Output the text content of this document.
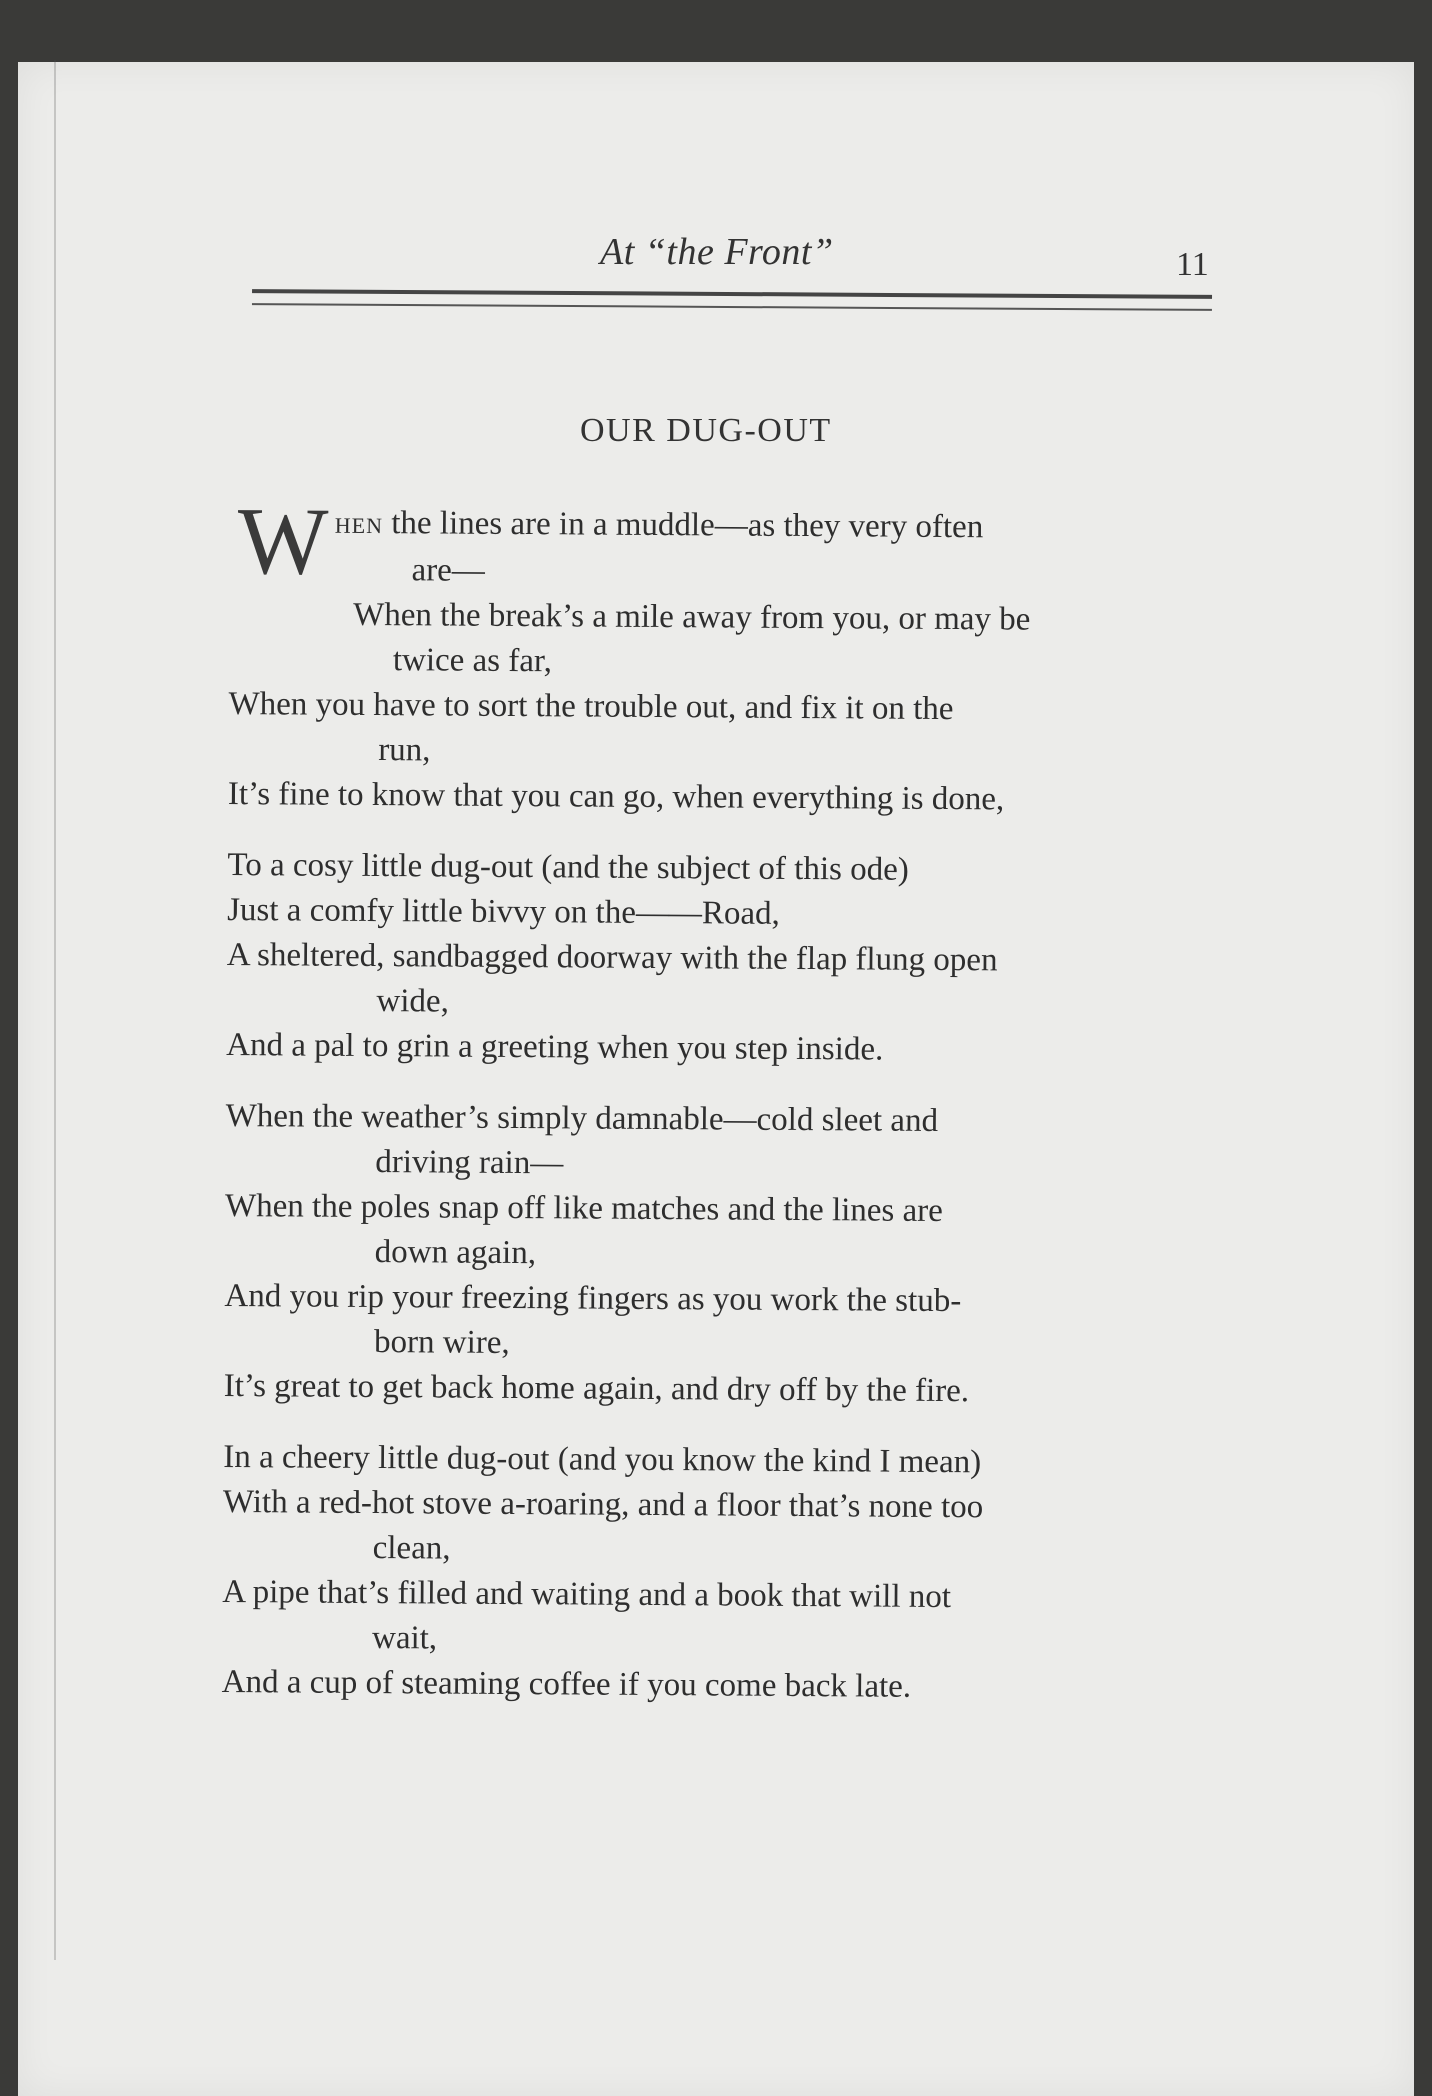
At “the Front”	11
OUR DUG-OUT
W HEN the lines are in a muddle—as they very often
are—
When the break’s a mile away from you, or may be
twice as far,
When you have to sort the trouble out, and fix it on the
run,
It’s fine to know that you can go, when everything is done,
To a cosy little dug-out (and the subject of this ode)
Just a comfy little bivvy on the——Road,
A sheltered, sandbagged doorway with the flap flung open
wide,
And a pal to grin a greeting when you step inside.
When the weather’s simply damnable—cold sleet and
driving rain—
When the poles snap off like matches and the lines are
down again,
And you rip your freezing fingers as you work the stub-
born wire,
It’s great to get back home again, and dry off by the fire.
In a cheery little dug-out (and you know the kind I mean)
With a red-hot stove a-roaring, and a floor that’s none too
clean,
A pipe that’s filled and waiting and a book that will not
wait,
And a cup of steaming coffee if you come back late.
